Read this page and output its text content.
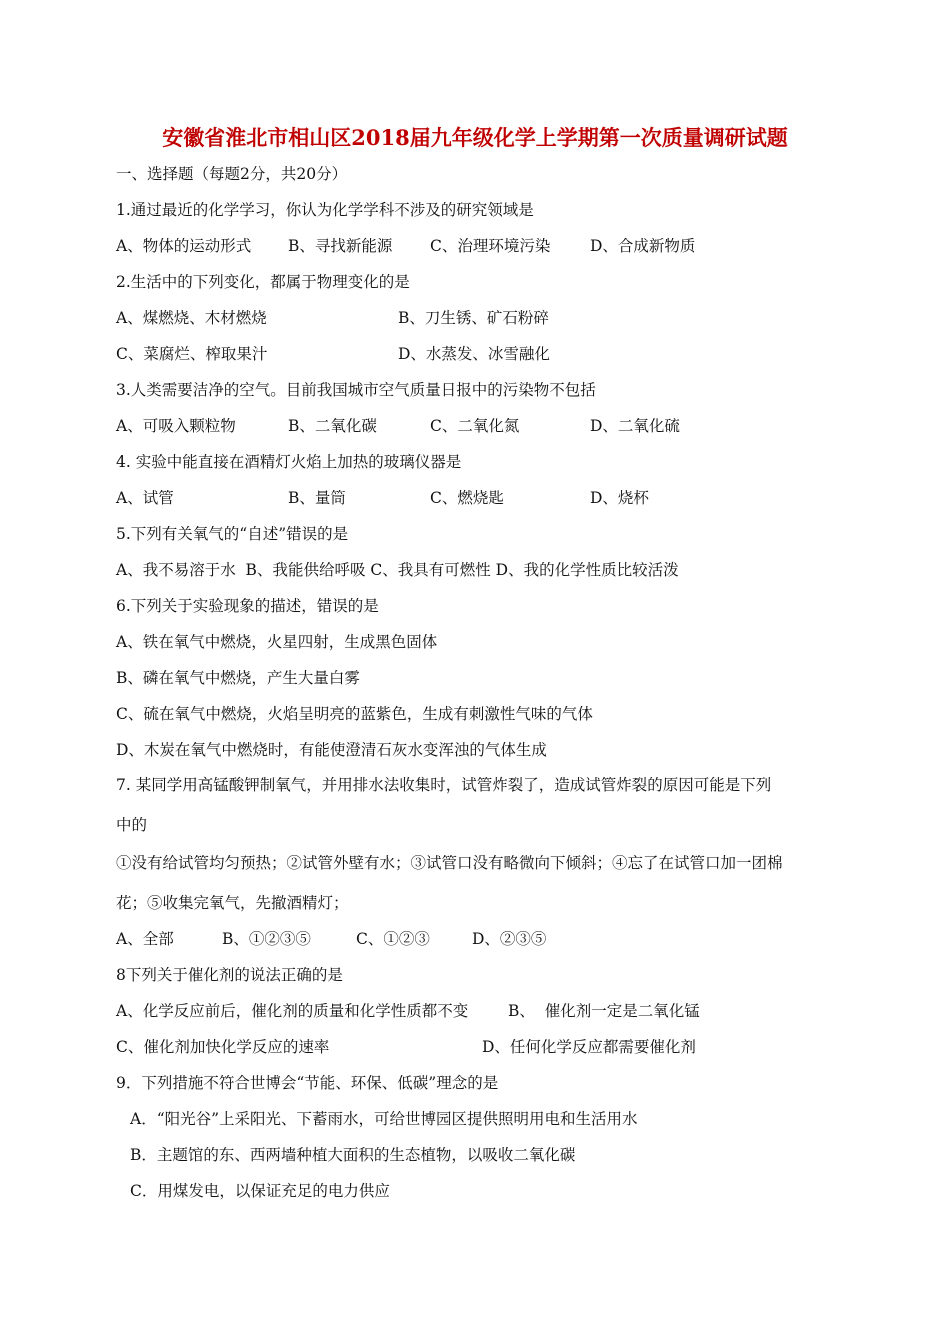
安徽省淮北市相山区2018届九年级化学上学期第一次质量调研试题
一、选择题（每题2分，共20分）
1.通过最近的化学学习，你认为化学学科不涉及的研究领域是
A、物体的运动形式 B、寻找新能源 C、治理环境污染	D、合成新物质
2.生活中的下列变化，都属于物理变化的是
A、煤燃烧、木材燃烧	B、刀生锈、矿石粉碎
C、菜腐烂、榨取果汁	D、水蒸发、冰雪融化
3.人类需要洁净的空气。目前我国城市空气质量日报中的污染物不包括
A、可吸入颗粒物	B、二氧化碳	C、二氧化氮	D、二氧化硫
4. 实验中能直接在酒精灯火焰上加热的玻璃仪器是
A、试管	B、量筒	C、燃烧匙	D、烧杯
5.下列有关氧气的“自述”错误的是
A、我不易溶于水  B、我能供给呼吸 C、我具有可燃性 D、我的化学性质比较活泼
6.下列关于实验现象的描述，错误的是
A、铁在氧气中燃烧，火星四射，生成黑色固体
B、磷在氧气中燃烧，产生大量白雾
C、硫在氧气中燃烧，火焰呈明亮的蓝紫色，生成有刺激性气味的气体
D、木炭在氧气中燃烧时，有能使澄清石灰水变浑浊的气体生成
7. 某同学用高锰酸钾制氧气，并用排水法收集时，试管炸裂了，造成试管炸裂的原因可能是下列
中的
①没有给试管均匀预热；②试管外壁有水；③试管口没有略微向下倾斜；④忘了在试管口加一团棉
花；⑤收集完氧气，先撤酒精灯；
A、全部	B、①②③⑤	C、①②③	D、②③⑤
8下列关于催化剂的说法正确的是
A、化学反应前后，催化剂的质量和化学性质都不变	B、  催化剂一定是二氧化锰
C、催化剂加快化学反应的速率	D、任何化学反应都需要催化剂
9．下列措施不符合世博会“节能、环保、低碳”理念的是
A．“阳光谷”上采阳光、下蓄雨水，可给世博园区提供照明用电和生活用水
B．主题馆的东、西两墙种植大面积的生态植物，以吸收二氧化碳
C．用煤发电，以保证充足的电力供应
